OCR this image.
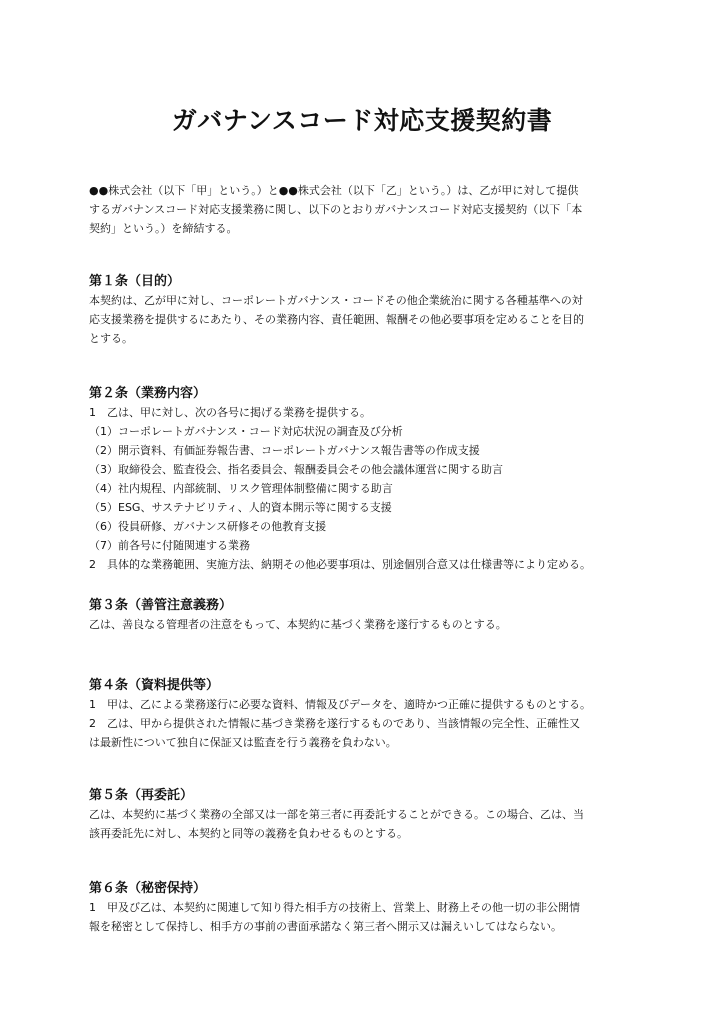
ガバナンスコード対応支援契約書
●●株式会社（以下「甲」という。）と●●株式会社（以下「乙」という。）は、乙が甲に対して提供
するガバナンスコード対応支援業務に関し、以下のとおりガバナンスコード対応支援契約（以下「本
契約」という。）を締結する。
第１条（目的）
本契約は、乙が甲に対し、コーポレートガバナンス・コードその他企業統治に関する各種基準への対
応支援業務を提供するにあたり、その業務内容、責任範囲、報酬その他必要事項を定めることを目的
とする。
第２条（業務内容）
1　乙は、甲に対し、次の各号に掲げる業務を提供する。
（1）コーポレートガバナンス・コード対応状況の調査及び分析
（2）開示資料、有価証券報告書、コーポレートガバナンス報告書等の作成支援
（3）取締役会、監査役会、指名委員会、報酬委員会その他会議体運営に関する助言
（4）社内規程、内部統制、リスク管理体制整備に関する助言
（5）ESG、サステナビリティ、人的資本開示等に関する支援
（6）役員研修、ガバナンス研修その他教育支援
（7）前各号に付随関連する業務
2　具体的な業務範囲、実施方法、納期その他必要事項は、別途個別合意又は仕様書等により定める。
第３条（善管注意義務）
乙は、善良なる管理者の注意をもって、本契約に基づく業務を遂行するものとする。
第４条（資料提供等）
1　甲は、乙による業務遂行に必要な資料、情報及びデータを、適時かつ正確に提供するものとする。
2　乙は、甲から提供された情報に基づき業務を遂行するものであり、当該情報の完全性、正確性又
は最新性について独自に保証又は監査を行う義務を負わない。
第５条（再委託）
乙は、本契約に基づく業務の全部又は一部を第三者に再委託することができる。この場合、乙は、当
該再委託先に対し、本契約と同等の義務を負わせるものとする。
第６条（秘密保持）
1　甲及び乙は、本契約に関連して知り得た相手方の技術上、営業上、財務上その他一切の非公開情
報を秘密として保持し、相手方の事前の書面承諾なく第三者へ開示又は漏えいしてはならない。
